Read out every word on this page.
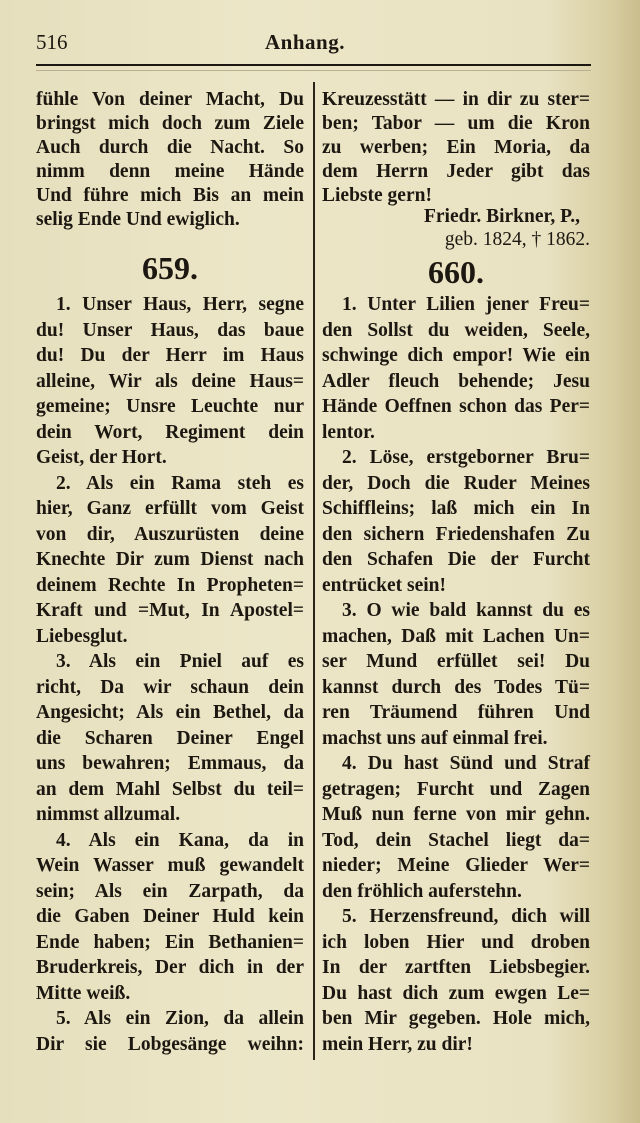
516	Anhang.
fühle Von deiner Macht, Du
bringst mich doch zum Ziele
Auch durch die Nacht. So
nimm denn meine Hände
Und führe mich Bis an mein
selig Ende Und ewiglich.
659.
1. Unser Haus, Herr, segne
du! Unser Haus, das baue
du! Du der Herr im Haus
alleine, Wir als deine Haus=
gemeine; Unsre Leuchte nur
dein Wort, Regiment dein
Geist, der Hort.
2. Als ein Rama steh es
hier, Ganz erfüllt vom Geist
von dir, Auszurüsten deine
Knechte Dir zum Dienst nach
deinem Rechte In Propheten=
Kraft und =Mut, In Apostel=
Liebesglut.
3. Als ein Pniel auf es
richt, Da wir schaun dein
Angesicht; Als ein Bethel, da
die Scharen Deiner Engel
uns bewahren; Emmaus, da
an dem Mahl Selbst du teil=
nimmst allzumal.
4. Als ein Kana, da in
Wein Wasser muß gewandelt
sein; Als ein Zarpath, da
die Gaben Deiner Huld kein
Ende haben; Ein Bethanien=
Bruderkreis, Der dich in der
Mitte weiß.
5. Als ein Zion, da allein
Dir sie Lobgesänge weihn:
Kreuzesstätt — in dir zu ster=
ben; Tabor — um die Kron
zu werben; Ein Moria, da
dem Herrn Jeder gibt das
Liebste gern!
Friedr. Birkner, P.,
geb. 1824, † 1862.
660.
1. Unter Lilien jener Freu=
den Sollst du weiden, Seele,
schwinge dich empor! Wie ein
Adler fleuch behende; Jesu
Hände Oeffnen schon das Per=
lentor.
2. Löse, erstgeborner Bru=
der, Doch die Ruder Meines
Schiffleins; laß mich ein In
den sichern Friedenshafen Zu
den Schafen Die der Furcht
entrücket sein!
3. O wie bald kannst du es
machen, Daß mit Lachen Un=
ser Mund erfüllet sei! Du
kannst durch des Todes Tü=
ren Träumend führen Und
machst uns auf einmal frei.
4. Du hast Sünd und Straf
getragen; Furcht und Zagen
Muß nun ferne von mir gehn.
Tod, dein Stachel liegt da=
nieder; Meine Glieder Wer=
den fröhlich auferstehn.
5. Herzensfreund, dich will
ich loben Hier und droben
In der zartften Liebsbegier.
Du hast dich zum ewgen Le=
ben Mir gegeben. Hole mich,
mein Herr, zu dir!
